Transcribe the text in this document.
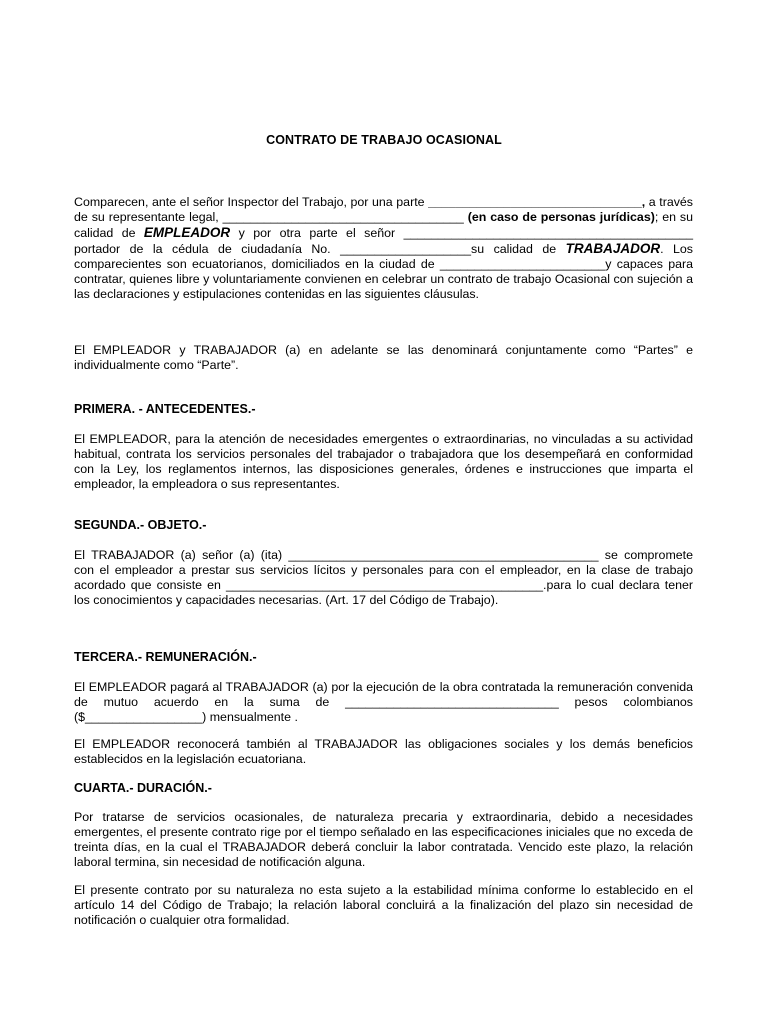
CONTRATO DE TRABAJO OCASIONAL
Comparecen, ante el señor Inspector del Trabajo, por una parte _______________________________, a través de su representante legal, ___________________________________ (en caso de personas jurídicas); en su calidad de EMPLEADOR y por otra parte el señor __________________________________________ portador de la cédula de ciudadanía No. ___________________su calidad de TRABAJADOR. Los comparecientes son ecuatorianos, domiciliados en la ciudad de ________________________y capaces para contratar, quienes libre y voluntariamente convienen en celebrar un contrato de trabajo Ocasional con sujeción a las declaraciones y estipulaciones contenidas en las siguientes cláusulas.
El EMPLEADOR y TRABAJADOR (a) en adelante se las denominará conjuntamente como “Partes” e individualmente como “Parte”.
PRIMERA. - ANTECEDENTES.-
El EMPLEADOR, para la atención de necesidades emergentes o extraordinarias, no vinculadas a su actividad habitual, contrata los servicios personales del trabajador o trabajadora que los desempeñará en conformidad con la Ley, los reglamentos internos, las disposiciones generales, órdenes e instrucciones que imparta el empleador, la empleadora o sus representantes.
SEGUNDA.- OBJETO.-
El TRABAJADOR (a) señor (a) (ita) _____________________________________________ se compromete con el empleador a prestar sus servicios lícitos y personales para con el empleador, en la clase de trabajo acordado que consiste en ______________________________________________.para lo cual declara tener los conocimientos y capacidades necesarias. (Art. 17 del Código de Trabajo).
TERCERA.- REMUNERACIÓN.-
El EMPLEADOR pagará al TRABAJADOR (a) por la ejecución de la obra contratada la remuneración convenida de mutuo acuerdo en la suma de _______________________________ pesos colombianos ($_________________) mensualmente .
El EMPLEADOR reconocerá también al TRABAJADOR las obligaciones sociales y los demás beneficios establecidos en la legislación ecuatoriana.
CUARTA.- DURACIÓN.-
Por tratarse de servicios ocasionales, de naturaleza precaria y extraordinaria, debido a necesidades emergentes, el presente contrato rige por el tiempo señalado en las especificaciones iniciales que no exceda de treinta días, en la cual el TRABAJADOR deberá concluir la labor contratada. Vencido este plazo, la relación laboral termina, sin necesidad de notificación alguna.
El presente contrato por su naturaleza no esta sujeto a la estabilidad mínima conforme lo establecido en el artículo 14 del Código de Trabajo; la relación laboral concluirá a la finalización del plazo sin necesidad de notificación o cualquier otra formalidad.
